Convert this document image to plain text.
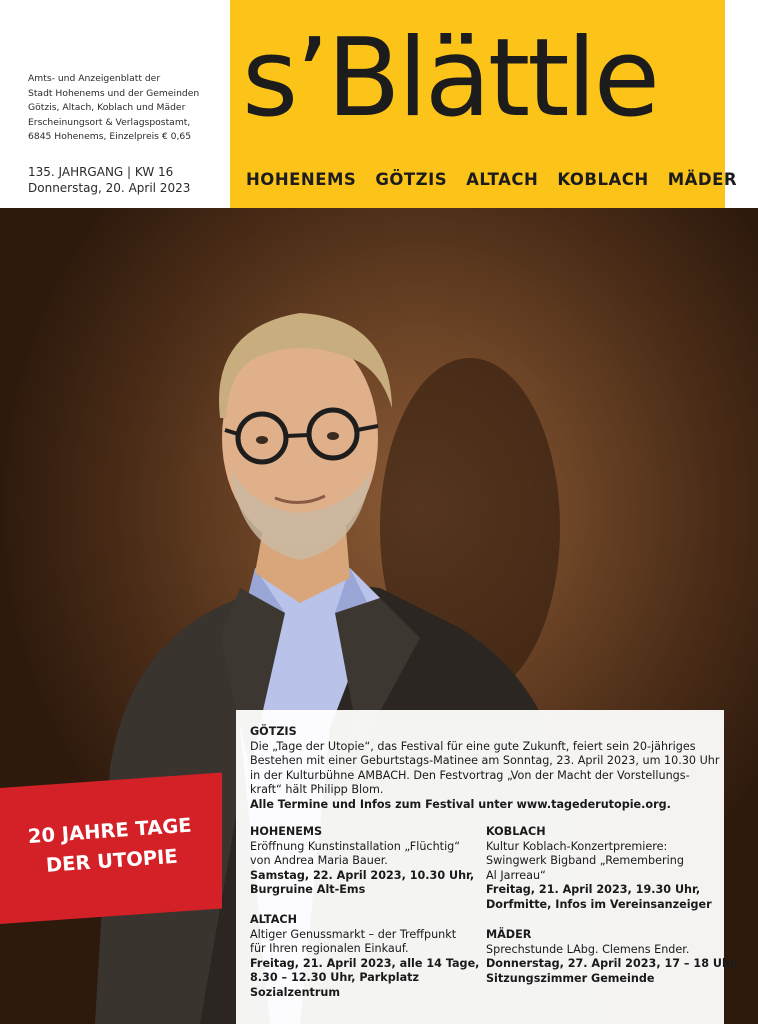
Amts- und Anzeigenblatt der
Stadt Hohenems und der Gemeinden
Götzis, Altach, Koblach und Mäder
Erscheinungsort & Verlagspostamt,
6845 Hohenems, Einzelpreis € 0,65
135. JAHRGANG | KW 16
Donnerstag, 20. April 2023
s’Blättle
HOHENEMS GÖTZIS ALTACH KOBLACH MÄDER
20 JAHRE TAGE
DER UTOPIE
GÖTZIS
Die „Tage der Utopie“, das Festival für eine gute Zukunft, feiert sein 20-jähriges
Bestehen mit einer Geburtstags-Matinee am Sonntag, 23. April 2023, um 10.30 Uhr
in der Kulturbühne AMBACH. Den Festvortrag „Von der Macht der Vorstellungs-
kraft“ hält Philipp Blom.
Alle Termine und Infos zum Festival unter www.tagederutopie.org.
HOHENEMS
Eröffnung Kunstinstallation „Flüchtig“
von Andrea Maria Bauer.
Samstag, 22. April 2023, 10.30 Uhr,
Burgruine Alt-Ems
ALTACH
Altiger Genussmarkt – der Treffpunkt
für Ihren regionalen Einkauf.
Freitag, 21. April 2023, alle 14 Tage,
8.30 – 12.30 Uhr, Parkplatz
Sozialzentrum
KOBLACH
Kultur Koblach-Konzertpremiere:
Swingwerk Bigband „Remembering
Al Jarreau“
Freitag, 21. April 2023, 19.30 Uhr,
Dorfmitte, Infos im Vereinsanzeiger
MÄDER
Sprechstunde LAbg. Clemens Ender.
Donnerstag, 27. April 2023, 17 – 18 Uhr,
Sitzungszimmer Gemeinde
